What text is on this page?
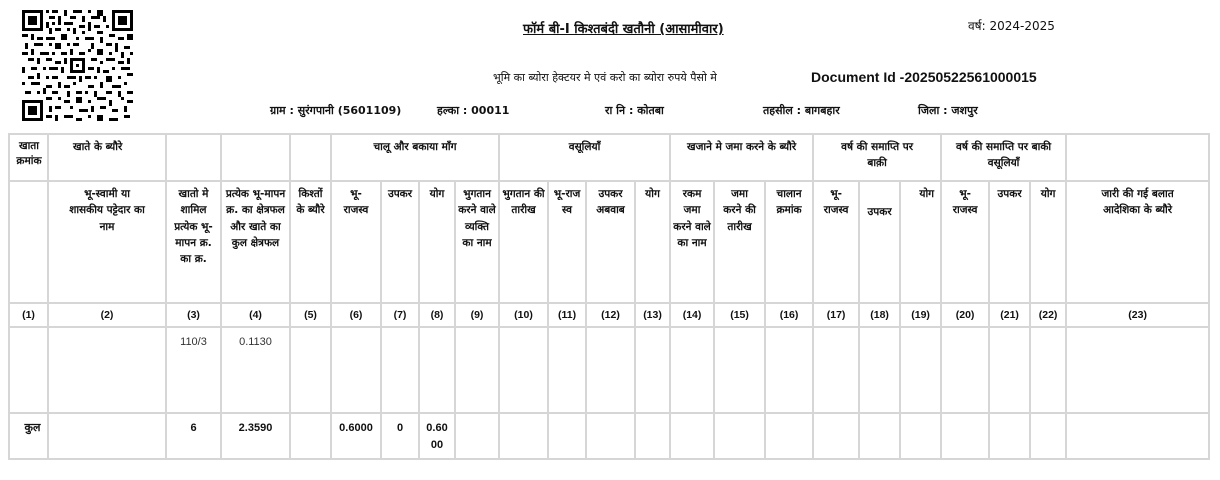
फॉर्म बी-I किश्तबंदी खतौनी (आसामीवार)	वर्ष: 2024-2025
भूमि का ब्योरा हेक्टयर मे एवं करो का ब्योरा रुपये पैसो मे	Document Id -20250522561000015
ग्राम : सुरंगपानी (5601109)	हल्का : 00011	रा नि : कोतबा	तहसील : बागबहार	जिला : जशपुर
खाता क्रमांक	खाते के ब्यौरे				चालू और बकाया मॉंग				वसूलियाँ				खजाने मे जमा करने के ब्यौरे			वर्ष की समाप्ति पर बाक़ी			वर्ष की समाप्ति पर बाकी वसूलियाँ			
	भू-स्वामी या शासकीय पट्टेदार का नाम	खातो मे शामिल प्रत्येक भू-मापन क्र. का क्र.	प्रत्येक भू-मापन क्र. का क्षेत्रफल और खाते का कुल क्षेत्रफल	किश्तों के ब्यौरे	भू-राजस्व	उपकर	योग	भुगतान करने वाले व्यक्ति का नाम	भुगतान की तारीख	भू-राजस्व	उपकर अबवाब	योग	रकम जमा करने वाले का नाम	जमा करने की तारीख	चालान क्रमांक	भू-राजस्व	उपकर	योग	भू-राजस्व	उपकर	योग	जारी की गई बलात आदेशिका के ब्यौरे
(1)	(2)	(3)	(4)	(5)	(6)	(7)	(8)	(9)	(10)	(11)	(12)	(13)	(14)	(15)	(16)	(17)	(18)	(19)	(20)	(21)	(22)	(23)
		110/3	0.1130																			
कुल		6	2.3590		0.6000	0	0.6000															
